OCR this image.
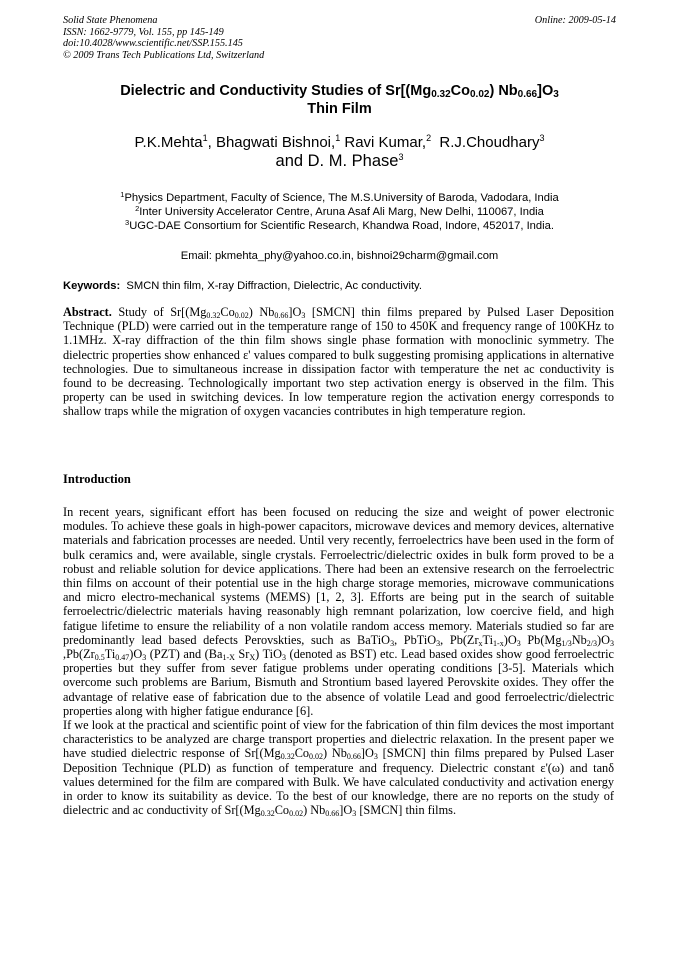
Solid State Phenomena
ISSN: 1662-9779, Vol. 155, pp 145-149
doi:10.4028/www.scientific.net/SSP.155.145
© 2009 Trans Tech Publications Ltd, Switzerland
Online: 2009-05-14
Dielectric and Conductivity Studies of $Sr[(Mg_{0.32}Co_{0.02})$ $Nb_{0.66}]O_3$
Thin Film
P.K.Mehta$^1$, Bhagwati Bishnoi,$^1$ Ravi Kumar,$^2$  R.J.Choudhary$^3$
and D. M. Phase$^3$
$^1$Physics Department, Faculty of Science, The M.S.University of Baroda, Vadodara, India
$^2$Inter University Accelerator Centre, Aruna Asaf Ali Marg, New Delhi, 110067, India
$^3$UGC-DAE Consortium for Scientific Research, Khandwa Road, Indore, 452017, India.
Email: pkmehta_phy@yahoo.co.in, bishnoi29charm@gmail.com
Keywords:  SMCN thin film, X-ray Diffraction, Dielectric, Ac conductivity.
Abstract. Study of $Sr[(Mg_{0.32}Co_{0.02})$ $Nb_{0.66}]O_3$ [SMCN] thin films prepared by Pulsed Laser Deposition Technique (PLD) were carried out in the temperature range of 150 to 450K and frequency range of 100KHz to 1.1MHz. X-ray diffraction of the thin film shows single phase formation with monoclinic symmetry. The dielectric properties show enhanced ε' values compared to bulk suggesting promising applications in alternative technologies. Due to simultaneous increase in dissipation factor with temperature the net ac conductivity is found to be decreasing. Technologically important two step activation energy is observed in the film. This property can be used in switching devices. In low temperature region the activation energy corresponds to shallow traps while the migration of oxygen vacancies contributes in high temperature region.
Introduction

In recent years, significant effort has been focused on reducing the size and weight of power electronic modules. To achieve these goals in high-power capacitors, microwave devices and memory devices, alternative materials and fabrication processes are needed. Until very recently, ferroelectrics have been used in the form of bulk ceramics and, were available, single crystals. Ferroelectric/dielectric oxides in bulk form proved to be a robust and reliable solution for device applications. There had been an extensive research on the ferroelectric thin films on account of their potential use in the high charge storage memories, microwave communications and micro electro-mechanical systems (MEMS) [1, 2, 3]. Efforts are being put in the search of suitable ferroelectric/dielectric materials having reasonably high remnant polarization, low coercive field, and high fatigue lifetime to ensure the reliability of a non volatile random access memory. Materials studied so far are predominantly lead based defects Perovskties, such as BaTiO$_3$, PbTiO$_3$, $Pb(Zr_xTi_{1-x})O_3$ $Pb(Mg_{1/3}Nb_{2/3})O_3$ $,Pb(Zr_{0.5}Ti_{0.47})O_3$ (PZT) and ($Ba_{1-X}$ $Sr_X$) TiO$_3$ (denoted as BST) etc. Lead based oxides show good ferroelectric properties but they suffer from sever fatigue problems under operating conditions [3-5]. Materials which overcome such problems are Barium, Bismuth and Strontium based layered Perovskite oxides. They offer the advantage of relative ease of fabrication due to the absence of volatile Lead and good ferroelectric/dielectric properties along with higher fatigue endurance [6].

If we look at the practical and scientific point of view for the fabrication of thin film devices the most important characteristics to be analyzed are charge transport properties and dielectric relaxation. In the present paper we have studied dielectric response of $Sr[(Mg_{0.32}Co_{0.02})$ $Nb_{0.66}]O_3$ [SMCN] thin films prepared by Pulsed Laser Deposition Technique (PLD) as function of temperature and frequency. Dielectric constant ε'(ω) and tanδ values determined for the film are compared with Bulk. We have calculated conductivity and activation energy in order to know its suitability as device. To the best of our knowledge, there are no reports on the study of dielectric and ac conductivity of $Sr[(Mg_{0.32}Co_{0.02})$ $Nb_{0.66}]O_3$ [SMCN] thin films.
